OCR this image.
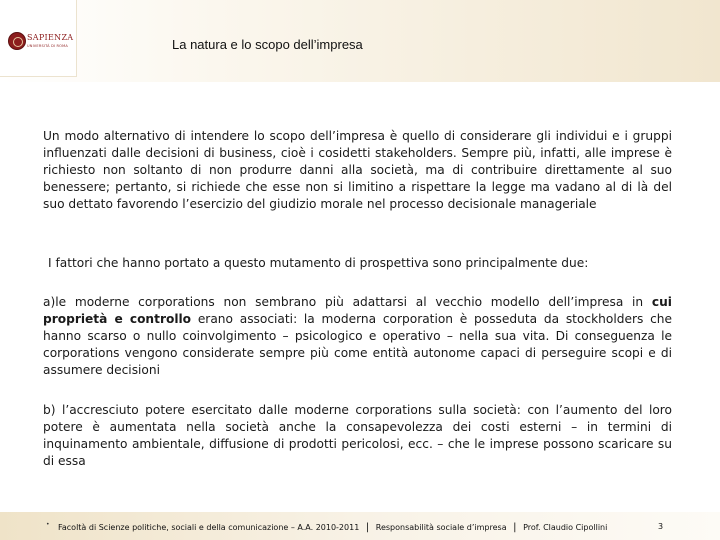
SAPIENZA
UNIVERSITÀ DI ROMA	La natura e lo scopo dell’impresa

Un modo alternativo di intendere lo scopo dell’impresa è quello di considerare gli individui e i gruppi influenzati dalle decisioni di business, cioè i cosidetti stakeholders. Sempre più, infatti, alle imprese è richiesto non soltanto di non produrre danni alla società, ma di contribuire direttamente al suo benessere; pertanto, si richiede che esse non si limitino a rispettare la legge ma vadano al di là del suo dettato favorendo l’esercizio del giudizio morale nel processo decisionale manageriale

I fattori che hanno portato a questo mutamento di prospettiva sono principalmente due:

a)le moderne corporations non sembrano più adattarsi al vecchio modello dell’impresa in cui proprietà e controllo erano associati: la moderna corporation è posseduta da stockholders che hanno scarso o nullo coinvolgimento – psicologico e operativo – nella sua vita. Di conseguenza le corporations vengono considerate sempre più come entità autonome capaci di perseguire scopi e di assumere decisioni

b) l’accresciuto potere esercitato dalle moderne corporations sulla società: con l’aumento del loro potere è aumentata nella società anche la consapevolezza dei costi esterni – in termini di inquinamento ambientale, diffusione di prodotti pericolosi, ecc. – che le imprese possono scaricare su di essa

• Facoltà di Scienze politiche, sociali e della comunicazione – A.A. 2010-2011 | Responsabilità sociale d’impresa | Prof. Claudio Cipollini	3
